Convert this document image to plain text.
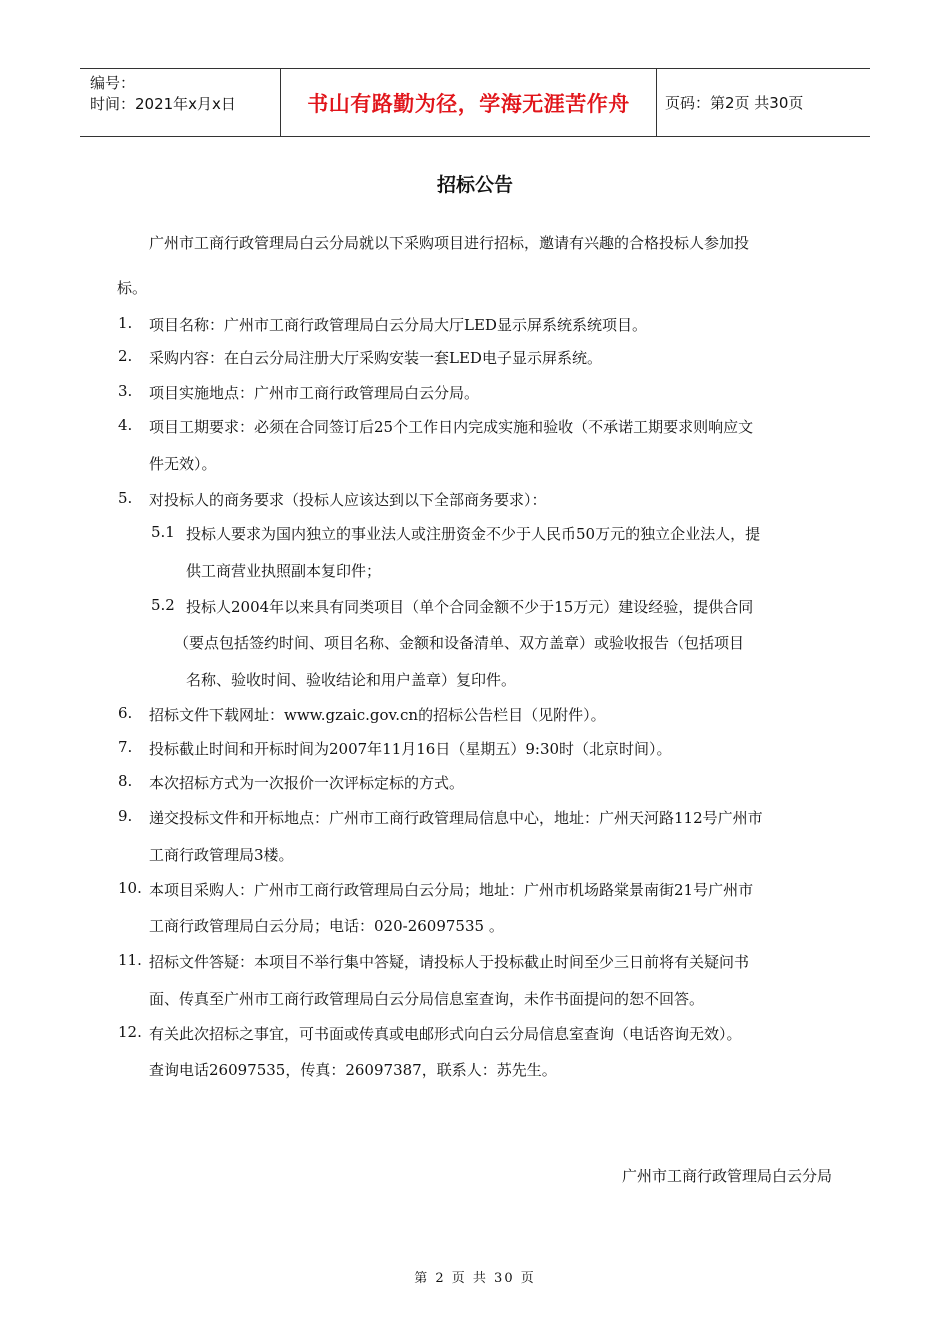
编号：
时间：2021年x月x日	书山有路勤为径，学海无涯苦作舟	页码：第2页 共30页
招标公告
广州市工商行政管理局白云分局就以下采购项目进行招标，邀请有兴趣的合格投标人参加投
标。
1. 项目名称：广州市工商行政管理局白云分局大厅LED显示屏系统系统项目。
2. 采购内容：在白云分局注册大厅采购安装一套LED电子显示屏系统。
3. 项目实施地点：广州市工商行政管理局白云分局。
4. 项目工期要求：必须在合同签订后25个工作日内完成实施和验收（不承诺工期要求则响应文
件无效）。
5. 对投标人的商务要求（投标人应该达到以下全部商务要求）：
5.1 投标人要求为国内独立的事业法人或注册资金不少于人民币50万元的独立企业法人，提
供工商营业执照副本复印件；
5.2 投标人2004年以来具有同类项目（单个合同金额不少于15万元）建设经验，提供合同
（要点包括签约时间、项目名称、金额和设备清单、双方盖章）或验收报告（包括项目
名称、验收时间、验收结论和用户盖章）复印件。
6. 招标文件下载网址：www.gzaic.gov.cn的招标公告栏目（见附件）。
7. 投标截止时间和开标时间为2007年11月16日（星期五）9:30时（北京时间）。
8. 本次招标方式为一次报价一次评标定标的方式。
9. 递交投标文件和开标地点：广州市工商行政管理局信息中心，地址：广州天河路112号广州市
工商行政管理局3楼。
10. 本项目采购人：广州市工商行政管理局白云分局；地址：广州市机场路棠景南街21号广州市
工商行政管理局白云分局；电话：020-26097535 。
11. 招标文件答疑：本项目不举行集中答疑，请投标人于投标截止时间至少三日前将有关疑问书
面、传真至广州市工商行政管理局白云分局信息室查询，未作书面提问的恕不回答。
12. 有关此次招标之事宜，可书面或传真或电邮形式向白云分局信息室查询（电话咨询无效）。
查询电话26097535，传真：26097387，联系人：苏先生。
广州市工商行政管理局白云分局
第 2 页 共 30 页
